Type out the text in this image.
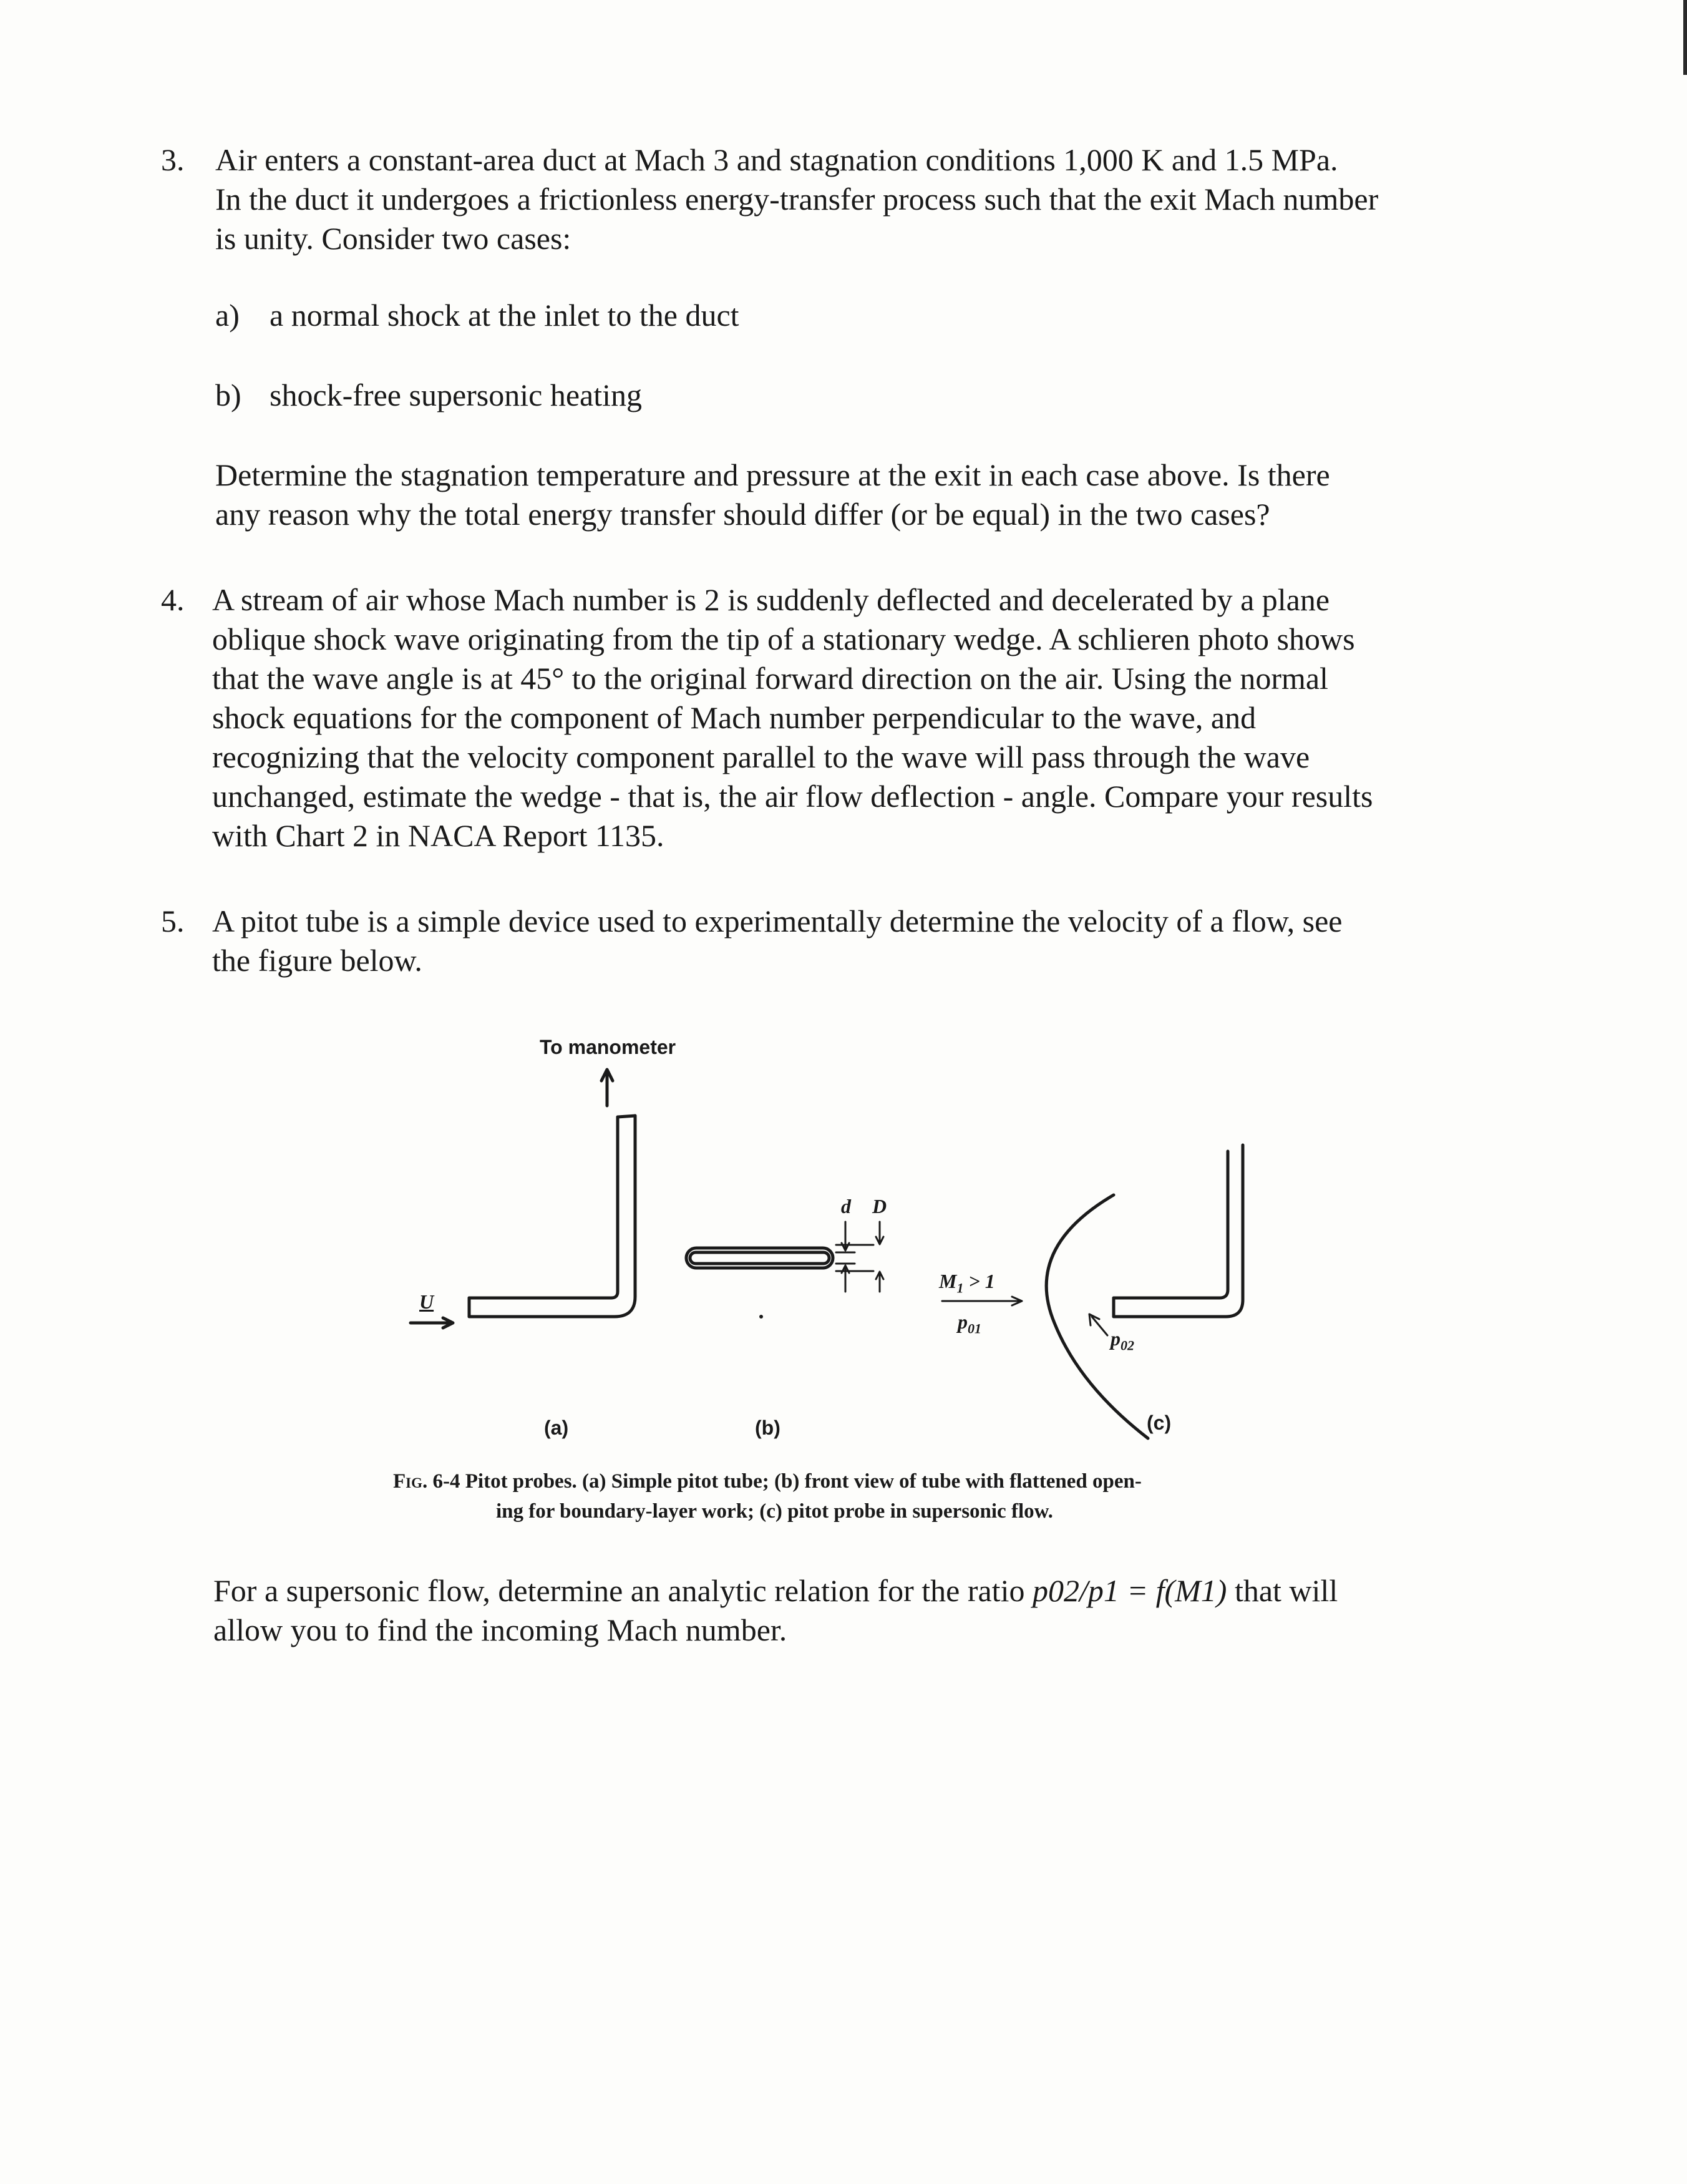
3. Air enters a constant-area duct at Mach 3 and stagnation conditions 1,000 K and 1.5 MPa.

In the duct it undergoes a frictionless energy-transfer process such that the exit Mach number

is unity. Consider two cases:

a) a normal shock at the inlet to the duct

b) shock-free supersonic heating

Determine the stagnation temperature and pressure at the exit in each case above. Is there

any reason why the total energy transfer should differ (or be equal) in the two cases?

4. A stream of air whose Mach number is 2 is suddenly deflected and decelerated by a plane

oblique shock wave originating from the tip of a stationary wedge. A schlieren photo shows

that the wave angle is at 45° to the original forward direction on the air. Using the normal

shock equations for the component of Mach number perpendicular to the wave, and

recognizing that the velocity component parallel to the wave will pass through the wave

unchanged, estimate the wedge - that is, the air flow deflection - angle. Compare your results

with Chart 2 in NACA Report 1135.

5. A pitot tube is a simple device used to experimentally determine the velocity of a flow, see

the figure below.

To manometer
U
d D
$M_1 > 1$
$p_{01}$	$p_{02}$
(a)	(b)	(c)
Fig. 6-4 Pitot probes. (a) Simple pitot tube; (b) front view of tube with flattened open-
ing for boundary-layer work; (c) pitot probe in supersonic flow.

For a supersonic flow, determine an analytic relation for the ratio p02/p1 = f(M1) that will

allow you to find the incoming Mach number.
